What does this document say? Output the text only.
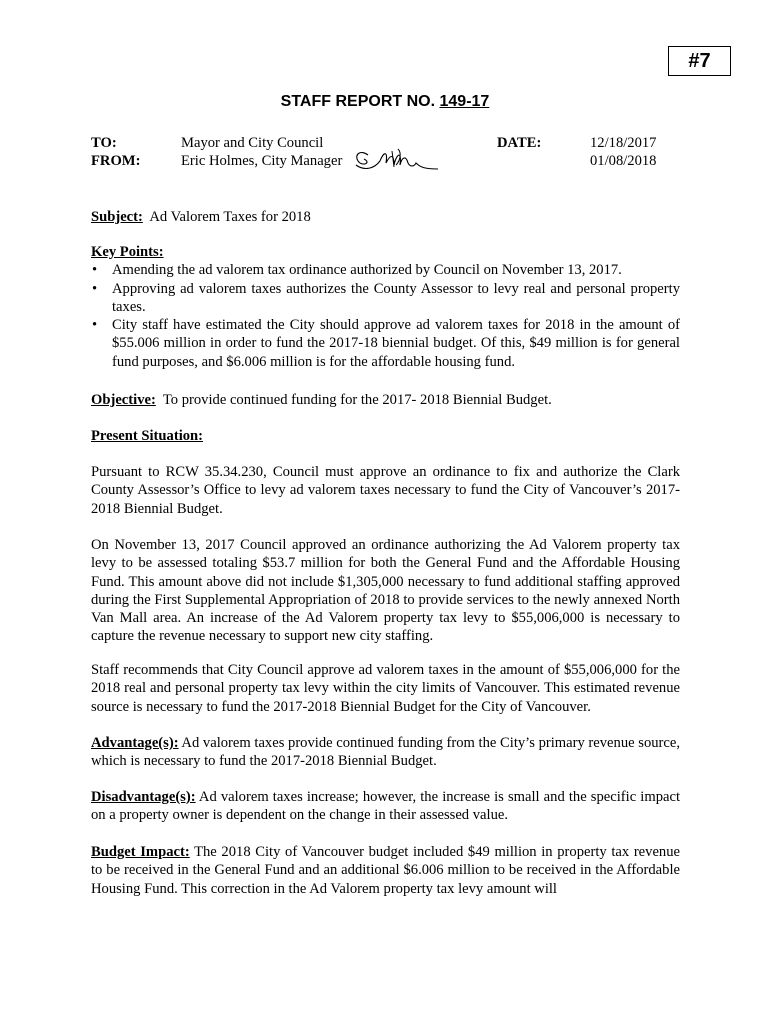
#7
STAFF REPORT NO. 149-17
TO:	Mayor and City Council
FROM:	Eric Holmes, City Manager
DATE:	12/18/2017
01/08/2018

Subject: Ad Valorem Taxes for 2018

Key Points:

• Amending the ad valorem tax ordinance authorized by Council on November 13, 2017.
• Approving ad valorem taxes authorizes the County Assessor to levy real and personal property taxes.
• City staff have estimated the City should approve ad valorem taxes for 2018 in the amount of $55.006 million in order to fund the 2017-18 biennial budget. Of this, $49 million is for general fund purposes, and $6.006 million is for the affordable housing fund.

Objective: To provide continued funding for the 2017- 2018 Biennial Budget.

Present Situation:

Pursuant to RCW 35.34.230, Council must approve an ordinance to fix and authorize the Clark County Assessor’s Office to levy ad valorem taxes necessary to fund the City of Vancouver’s 2017-2018 Biennial Budget.

On November 13, 2017 Council approved an ordinance authorizing the Ad Valorem property tax levy to be assessed totaling $53.7 million for both the General Fund and the Affordable Housing Fund. This amount above did not include $1,305,000 necessary to fund additional staffing approved during the First Supplemental Appropriation of 2018 to provide services to the newly annexed North Van Mall area. An increase of the Ad Valorem property tax levy to $55,006,000 is necessary to capture the revenue necessary to support new city staffing.

Staff recommends that City Council approve ad valorem taxes in the amount of $55,006,000 for the 2018 real and personal property tax levy within the city limits of Vancouver. This estimated revenue source is necessary to fund the 2017-2018 Biennial Budget for the City of Vancouver.

Advantage(s): Ad valorem taxes provide continued funding from the City’s primary revenue source, which is necessary to fund the 2017-2018 Biennial Budget.

Disadvantage(s): Ad valorem taxes increase; however, the increase is small and the specific impact on a property owner is dependent on the change in their assessed value.

Budget Impact: The 2018 City of Vancouver budget included $49 million in property tax revenue to be received in the General Fund and an additional $6.006 million to be received in the Affordable Housing Fund. This correction in the Ad Valorem property tax levy amount will
